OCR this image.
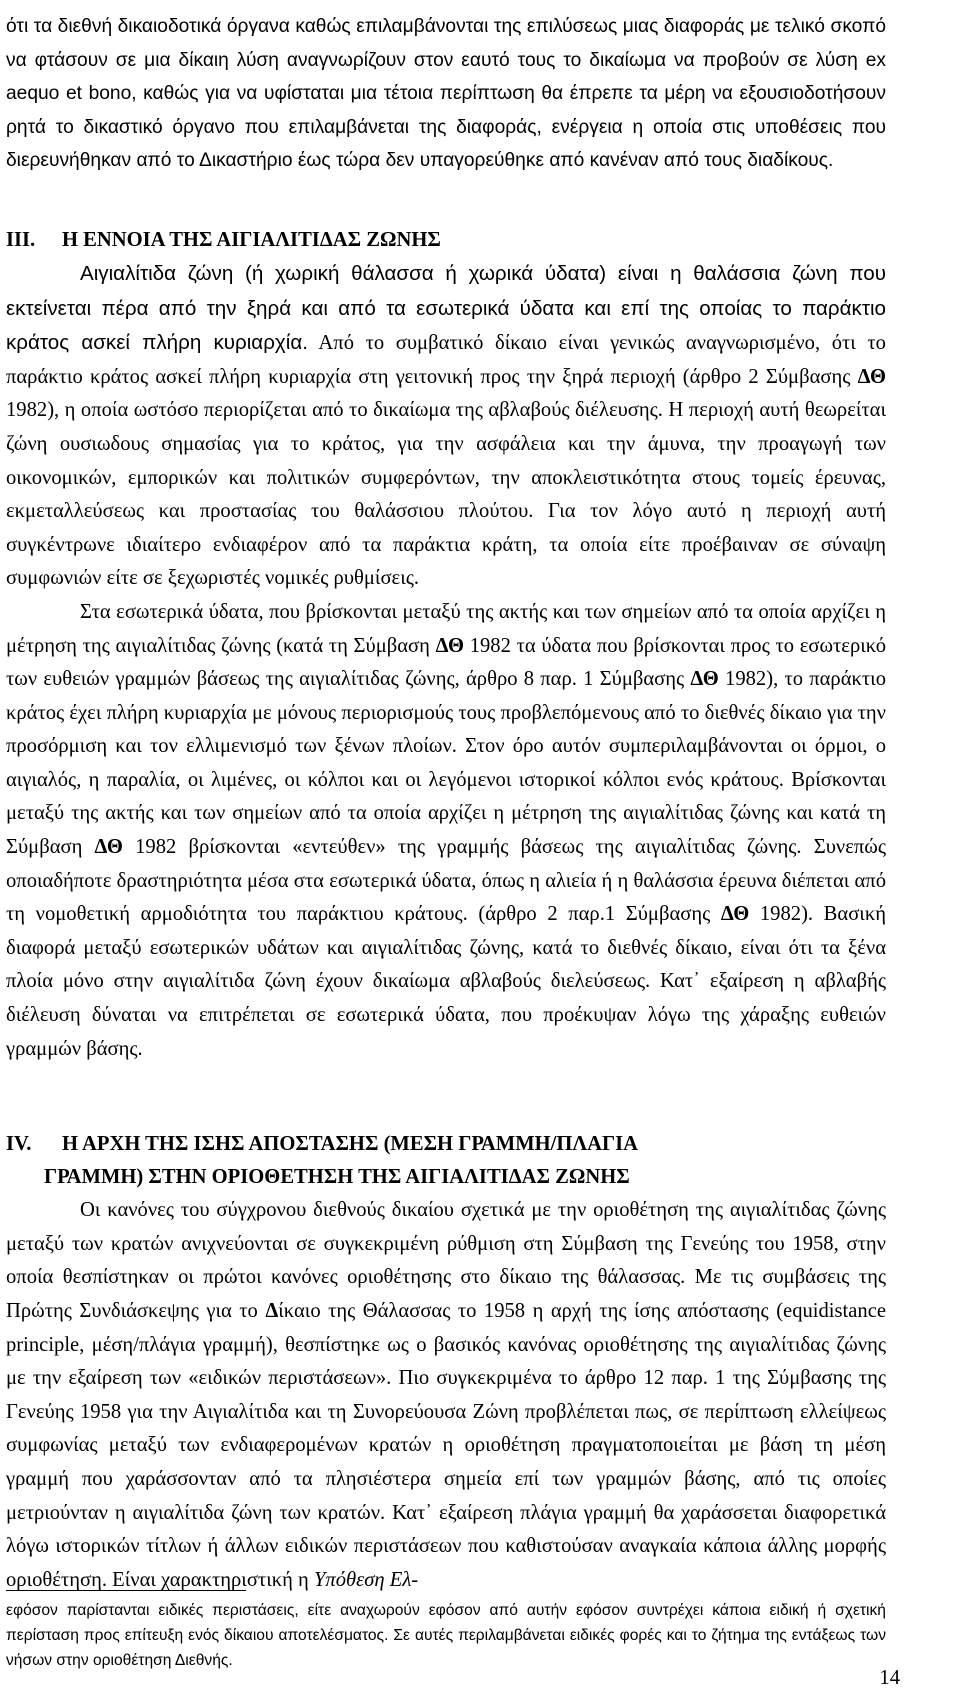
ότι τα διεθνή δικαιοδοτικά όργανα καθώς επιλαμβάνονται της επιλύσεως μιας διαφοράς με τελικό σκοπό να φτάσουν σε μια δίκαιη λύση αναγνωρίζουν στον εαυτό τους το δικαίωμα να προβούν σε λύση ex aequo et bono, καθώς για να υφίσταται μια τέτοια περίπτωση θα έπρεπε τα μέρη να εξουσιοδοτήσουν ρητά το δικαστικό όργανο που επιλαμβάνεται της διαφοράς, ενέργεια η οποία στις υποθέσεις που διερευνήθηκαν από το Δικαστήριο έως τώρα δεν υπαγορεύθηκε από κανέναν από τους διαδίκους.

ΙΙΙ.	Η ΕΝΝΟΙΑ ΤΗΣ ΑΙΓΙΑΛΙΤΙΔΑΣ ΖΩΝΗΣ

Αιγιαλίτιδα ζώνη (ή χωρική θάλασσα ή χωρικά ύδατα) είναι η θαλάσσια ζώνη που εκτείνεται πέρα από την ξηρά και από τα εσωτερικά ύδατα και επί της οποίας το παράκτιο κράτος ασκεί πλήρη κυριαρχία. Από το συμβατικό δίκαιο είναι γενικώς αναγνωρισμένο, ότι το παράκτιο κράτος ασκεί πλήρη κυριαρχία στη γειτονική προς την ξηρά περιοχή (άρθρο 2 Σύμβασης ΔΘ 1982), η οποία ωστόσο περιορίζεται από το δικαίωμα της αβλαβούς διέλευσης. Η περιοχή αυτή θεωρείται ζώνη ουσιωδους σημασίας για το κράτος, για την ασφάλεια και την άμυνα, την προαγωγή των οικονομικών, εμπορικών και πολιτικών συμφερόντων, την αποκλειστικότητα στους τομείς έρευνας, εκμεταλλεύσεως και προστασίας του θαλάσσιου πλούτου. Για τον λόγο αυτό η περιοχή αυτή συγκέντρωνε ιδιαίτερο ενδιαφέρον από τα παράκτια κράτη, τα οποία είτε προέβαιναν σε σύναψη συμφωνιών είτε σε ξεχωριστές νομικές ρυθμίσεις.

Στα εσωτερικά ύδατα, που βρίσκονται μεταξύ της ακτής και των σημείων από τα οποία αρχίζει η μέτρηση της αιγιαλίτιδας ζώνης (κατά τη Σύμβαση ΔΘ 1982 τα ύδατα που βρίσκονται προς το εσωτερικό των ευθειών γραμμών βάσεως της αιγιαλίτιδας ζώνης, άρθρο 8 παρ. 1 Σύμβασης ΔΘ 1982), το παράκτιο κράτος έχει πλήρη κυριαρχία με μόνους περιορισμούς τους προβλεπόμενους από το διεθνές δίκαιο για την προσόρμιση και τον ελλιμενισμό των ξένων πλοίων. Στον όρο αυτόν συμπεριλαμβάνονται οι όρμοι, ο αιγιαλός, η παραλία, οι λιμένες, οι κόλποι και οι λεγόμενοι ιστορικοί κόλποι ενός κράτους. Βρίσκονται μεταξύ της ακτής και των σημείων από τα οποία αρχίζει η μέτρηση της αιγιαλίτιδας ζώνης και κατά τη Σύμβαση ΔΘ 1982 βρίσκονται «εντεύθεν» της γραμμής βάσεως της αιγιαλίτιδας ζώνης. Συνεπώς οποιαδήποτε δραστηριότητα μέσα στα εσωτερικά ύδατα, όπως η αλιεία ή η θαλάσσια έρευνα διέπεται από τη νομοθετική αρμοδιότητα του παράκτιου κράτους. (άρθρο 2 παρ.1 Σύμβασης ΔΘ 1982). Βασική διαφορά μεταξύ εσωτερικών υδάτων και αιγιαλίτιδας ζώνης, κατά το διεθνές δίκαιο, είναι ότι τα ξένα πλοία μόνο στην αιγιαλίτιδα ζώνη έχουν δικαίωμα αβλαβούς διελεύσεως. Κατ᾽ εξαίρεση η αβλαβής διέλευση δύναται να επιτρέπεται σε εσωτερικά ύδατα, που προέκυψαν λόγω της χάραξης ευθειών γραμμών βάσης.

IV.	Η ΑΡΧΗ ΤΗΣ ΙΣΗΣ ΑΠΟΣΤΑΣΗΣ (ΜΕΣΗ ΓΡΑΜΜΗ/ΠΛΑΓΙΑ
ΓΡΑΜΜΗ) ΣΤΗΝ ΟΡΙΟΘΕΤΗΣΗ ΤΗΣ ΑΙΓΙΑΛΙΤΙΔΑΣ ΖΩΝΗΣ

Οι κανόνες του σύγχρονου διεθνούς δικαίου σχετικά με την οριοθέτηση της αιγιαλίτιδας ζώνης μεταξύ των κρατών ανιχνεύονται σε συγκεκριμένη ρύθμιση στη Σύμβαση της Γενεύης του 1958, στην οποία θεσπίστηκαν οι πρώτοι κανόνες οριοθέτησης στο δίκαιο της θάλασσας. Με τις συμβάσεις της Πρώτης Συνδιάσκεψης για το Δίκαιο της Θάλασσας το 1958 η αρχή της ίσης απόστασης (equidistance principle, μέση/πλάγια γραμμή), θεσπίστηκε ως ο βασικός κανόνας οριοθέτησης της αιγιαλίτιδας ζώνης με την εξαίρεση των «ειδικών περιστάσεων». Πιο συγκεκριμένα το άρθρο 12 παρ. 1 της Σύμβασης της Γενεύης 1958 για την Αιγιαλίτιδα και τη Συνορεύουσα Ζώνη προβλέπεται πως, σε περίπτωση ελλείψεως συμφωνίας μεταξύ των ενδιαφερομένων κρατών η οριοθέτηση πραγματοποιείται με βάση τη μέση γραμμή που χαράσσονταν από τα πλησιέστερα σημεία επί των γραμμών βάσης, από τις οποίες μετριούνταν η αιγιαλίτιδα ζώνη των κρατών. Κατ᾽ εξαίρεση πλάγια γραμμή θα χαράσσεται διαφορετικά λόγω ιστορικών τίτλων ή άλλων ειδικών περιστάσεων που καθιστούσαν αναγκαία κάποια άλλης μορφής οριοθέτηση. Είναι χαρακτηριστική η Υπόθεση Ελ-

εφόσον παρίστανται ειδικές περιστάσεις, είτε αναχωρούν εφόσον από αυτήν εφόσον συντρέχει κάποια ειδική ή σχετική περίσταση προς επίτευξη ενός δίκαιου αποτελέσματος. Σε αυτές περιλαμβάνεται ειδικές φορές και το ζήτημα της εντάξεως των νήσων στην οριοθέτηση Διεθνής.

14
